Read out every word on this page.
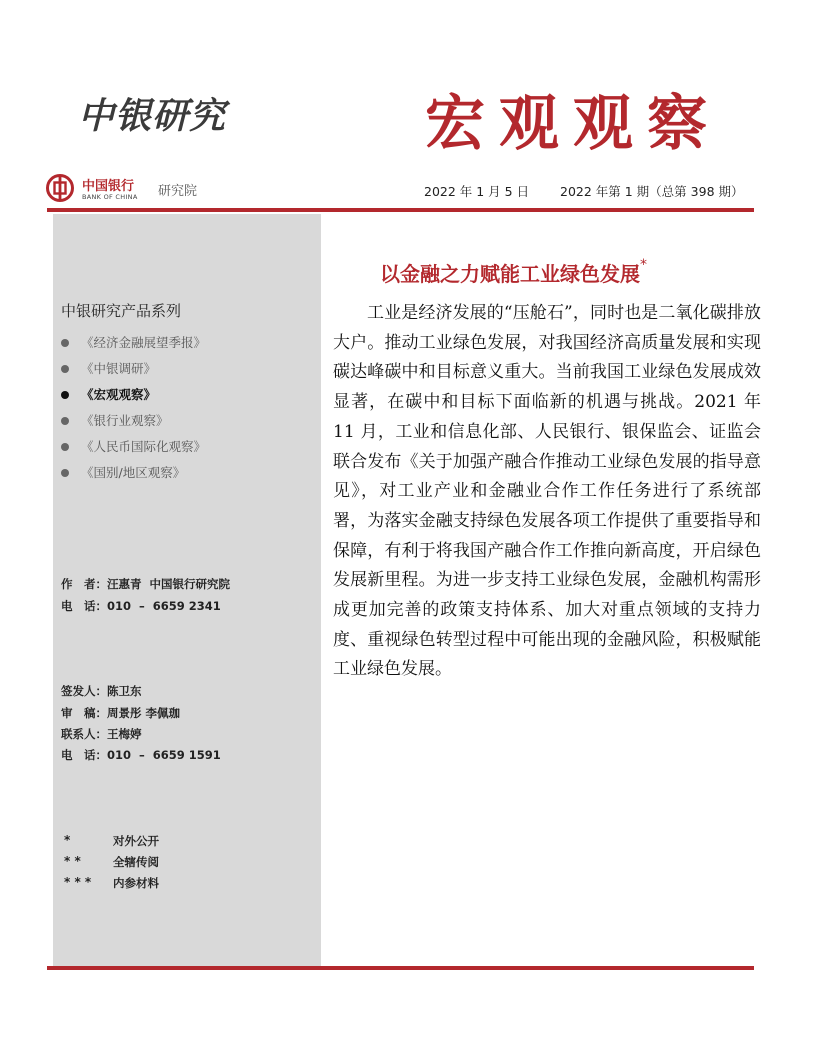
中银研究	宏观观察
中国银行
BANK OF CHINA 研究院	2022 年 1 月 5 日 2022 年第 1 期（总第 398 期）
中银研究产品系列
《经济金融展望季报》
《中银调研》
《宏观观察》
《银行业观察》
《人民币国际化观察》
《国别/地区观察》
作　者：汪惠青  中国银行研究院
电　话：010  –  6659 2341
签发人：陈卫东
审　稿：周景彤 李佩珈
联系人：王梅婷
电　话：010  –  6659 1591
*	对外公开
* *	全辖传阅
* * * 内参材料
以金融之力赋能工业绿色发展*

工业是经济发展的“压舱石”，同时也是二氧化碳排放大户。推动工业绿色发展，对我国经济高质量发展和实现碳达峰碳中和目标意义重大。当前我国工业绿色发展成效显著，在碳中和目标下面临新的机遇与挑战。2021 年 11 月，工业和信息化部、人民银行、银保监会、证监会联合发布《关于加强产融合作推动工业绿色发展的指导意见》，对工业产业和金融业合作工作任务进行了系统部署，为落实金融支持绿色发展各项工作提供了重要指导和保障，有利于将我国产融合作工作推向新高度，开启绿色发展新里程。为进一步支持工业绿色发展，金融机构需形成更加完善的政策支持体系、加大对重点领域的支持力度、重视绿色转型过程中可能出现的金融风险，积极赋能工业绿色发展。
